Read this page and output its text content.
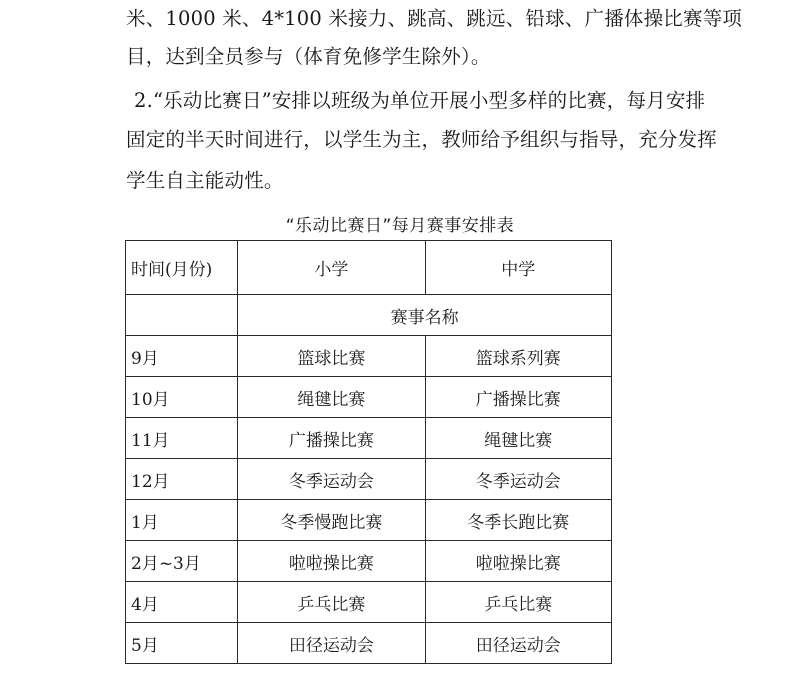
米、1000 米、4*100 米接力、跳高、跳远、铅球、广播体操比赛等项
目，达到全员参与（体育免修学生除外）。
2.“乐动比赛日”安排以班级为单位开展小型多样的比赛，每月安排
固定的半天时间进行，以学生为主，教师给予组织与指导，充分发挥
学生自主能动性。
“乐动比赛日”每月赛事安排表
时间(月份)	小学	中学
	赛事名称	
9月	篮球比赛	篮球系列赛
10月	绳毽比赛	广播操比赛
11月	广播操比赛	绳毽比赛
12月	冬季运动会	冬季运动会
1月	冬季慢跑比赛	冬季长跑比赛
2月~3月	啦啦操比赛	啦啦操比赛
4月	乒乓比赛	乒乓比赛
5月	田径运动会	田径运动会
